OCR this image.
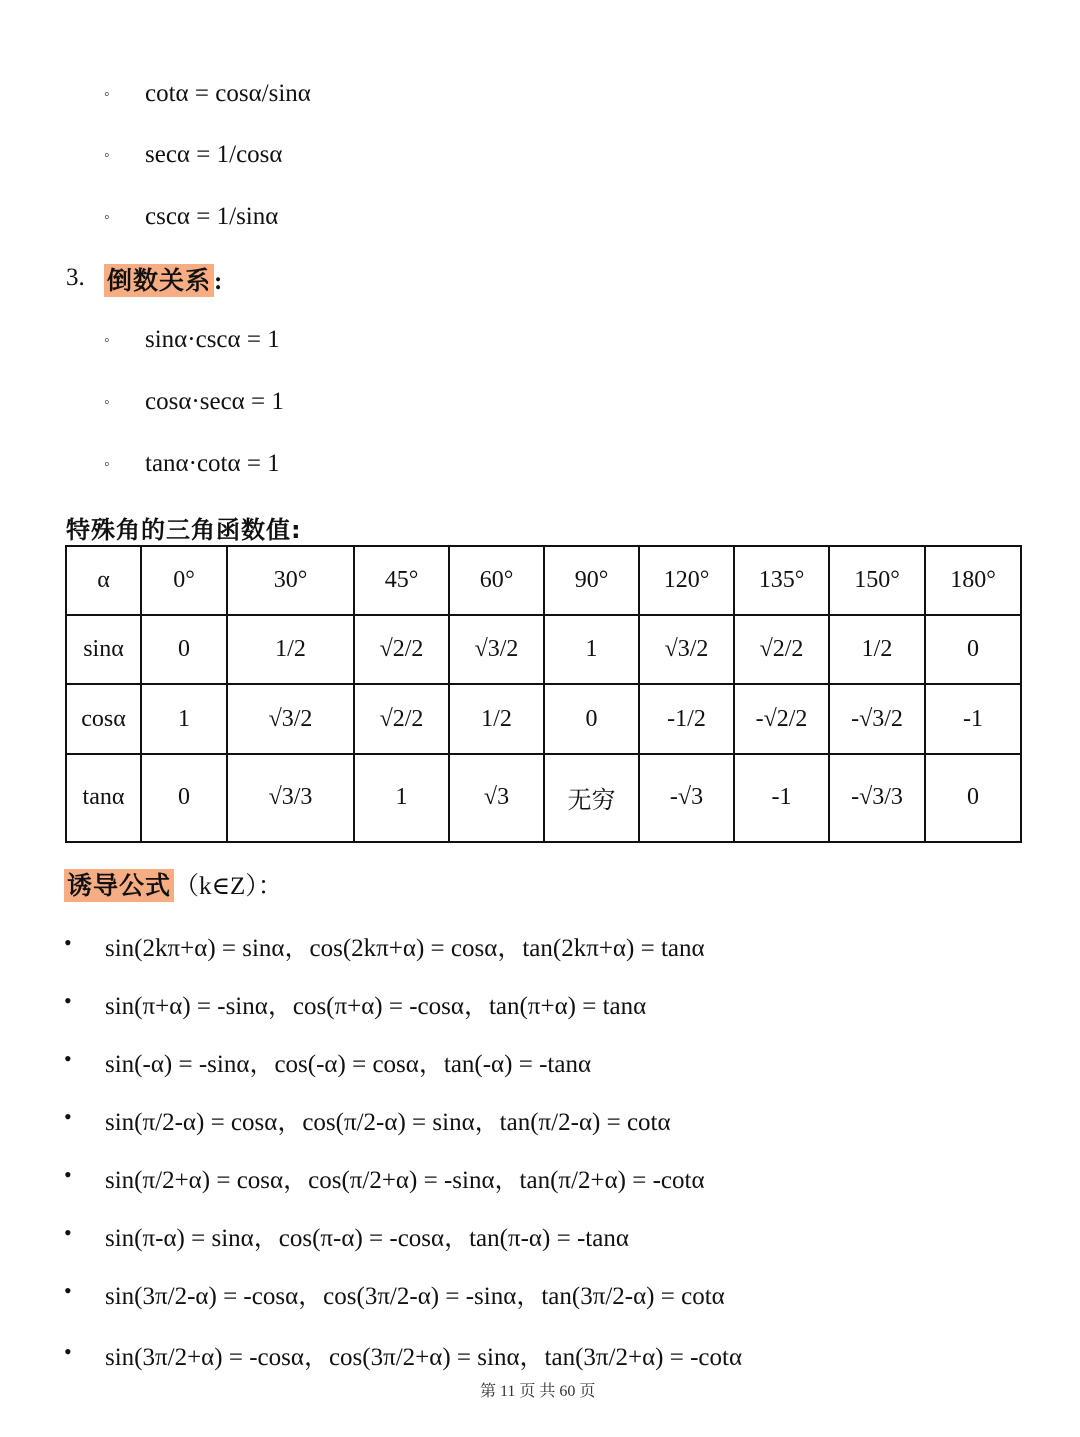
◦ cotα = cosα/sinα
◦ secα = 1/cosα
◦ cscα = 1/sinα
3. 倒数关系 :
◦ sinα·cscα = 1
◦ cosα·secα = 1
◦ tanα·cotα = 1
特殊角的三角函数值:
α	0°	30°	45°	60°	90°	120°	135°	150°	180°
sinα	0	1/2	√2/2	√3/2	1	√3/2	√2/2	1/2	0
cosα	1	√3/2	√2/2	1/2	0	-1/2	-√2/2	-√3/2	-1
tanα	0	√3/3	1	√3	无穷	-√3	-1	-√3/3	0
诱导公式 （k∈Z）：
• sin(2kπ+α) = sinα，cos(2kπ+α) = cosα，tan(2kπ+α) = tanα
• sin(π+α) = -sinα，cos(π+α) = -cosα，tan(π+α) = tanα
• sin(-α) = -sinα，cos(-α) = cosα，tan(-α) = -tanα
• sin(π/2-α) = cosα，cos(π/2-α) = sinα，tan(π/2-α) = cotα
• sin(π/2+α) = cosα，cos(π/2+α) = -sinα，tan(π/2+α) = -cotα
• sin(π-α) = sinα，cos(π-α) = -cosα，tan(π-α) = -tanα
• sin(3π/2-α) = -cosα，cos(3π/2-α) = -sinα，tan(3π/2-α) = cotα
• sin(3π/2+α) = -cosα，cos(3π/2+α) = sinα，tan(3π/2+α) = -cotα
第 11 页 共 60 页
